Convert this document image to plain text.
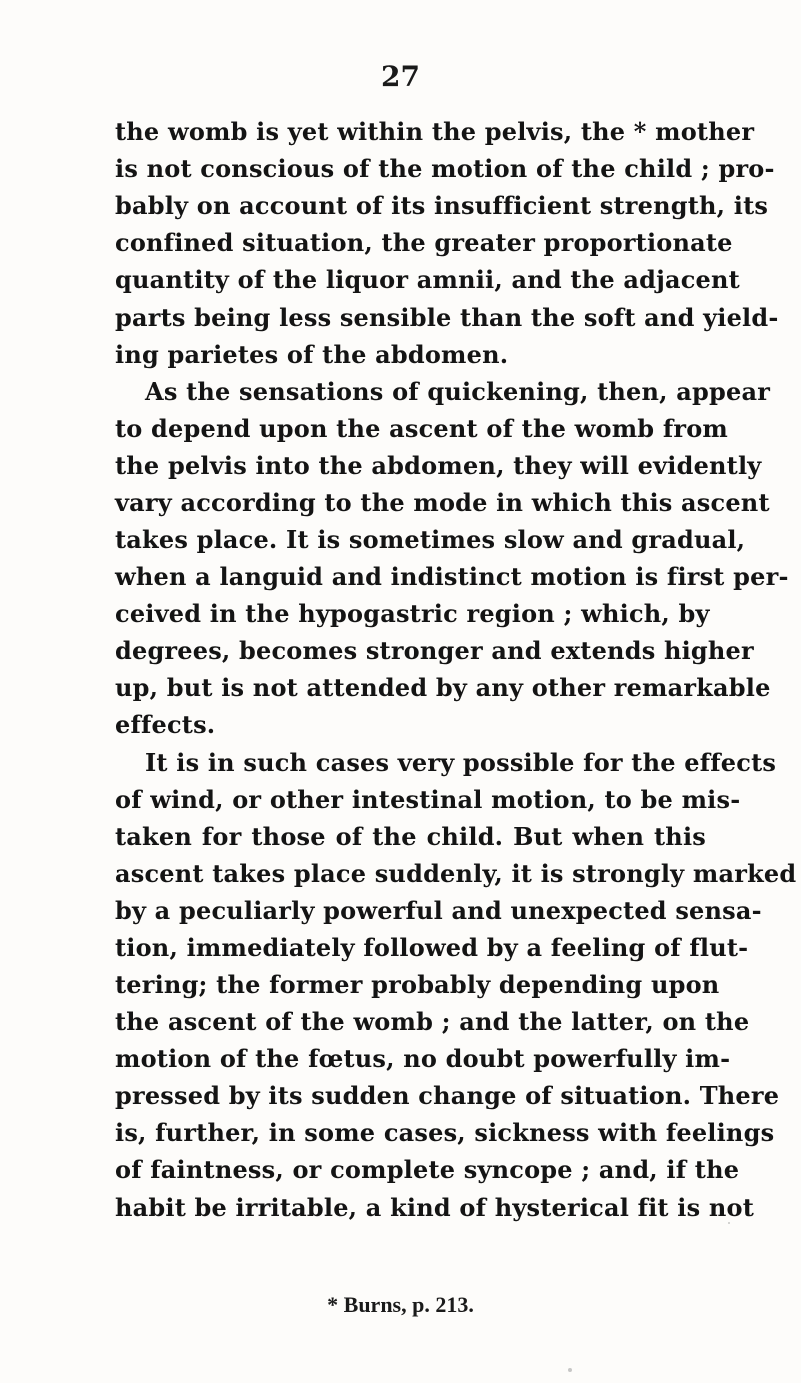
27
the womb is yet within the pelvis, the * mother
is not conscious of the motion of the child ; pro-
bably on account of its insufficient strength, its
confined situation, the greater proportionate
quantity of the liquor amnii, and the adjacent
parts being less sensible than the soft and yield-
ing parietes of the abdomen.
As the sensations of quickening, then, appear
to depend upon the ascent of the womb from
the pelvis into the abdomen, they will evidently
vary according to the mode in which this ascent
takes place. It is sometimes slow and gradual,
when a languid and indistinct motion is first per-
ceived in the hypogastric region ; which, by
degrees, becomes stronger and extends higher
up, but is not attended by any other remarkable
effects.
It is in such cases very possible for the effects
of wind, or other intestinal motion, to be mis-
taken for those of the child. But when this
ascent takes place suddenly, it is strongly marked
by a peculiarly powerful and unexpected sensa-
tion, immediately followed by a feeling of flut-
tering; the former probably depending upon
the ascent of the womb ; and the latter, on the
motion of the fœtus, no doubt powerfully im-
pressed by its sudden change of situation. There
is, further, in some cases, sickness with feelings
of faintness, or complete syncope ; and, if the
habit be irritable, a kind of hysterical fit is not
* Burns, p. 213.
